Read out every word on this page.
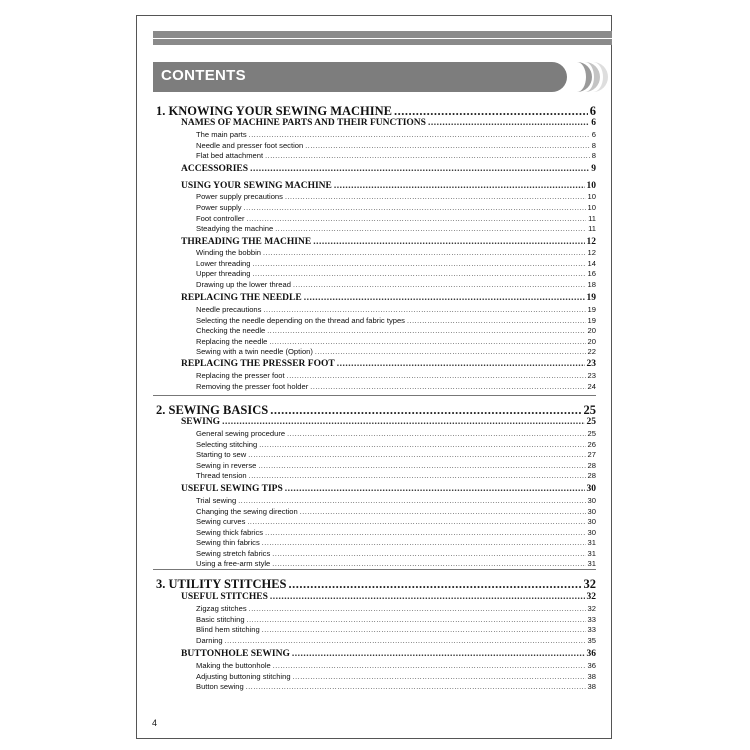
CONTENTS
1. KNOWING YOUR SEWING MACHINE .....	6
NAMES OF MACHINE PARTS AND THEIR FUNCTIONS .....	6
The main parts .....	6
Needle and presser foot section .....	8
Flat bed attachment .....	8
ACCESSORIES .....	9
USING YOUR SEWING MACHINE .....	10
Power supply precautions .....	10
Power supply .....	10
Foot controller .....	11
Steadying the machine .....	11
THREADING THE MACHINE .....	12
Winding the bobbin .....	12
Lower threading .....	14
Upper threading .....	16
Drawing up the lower thread .....	18
REPLACING THE NEEDLE .....	19
Needle precautions .....	19
Selecting the needle depending on the thread and fabric types .....	19
Checking the needle .....	20
Replacing the needle .....	20
Sewing with a twin needle (Option) .....	22
REPLACING THE PRESSER FOOT .....	23
Replacing the presser foot .....	23
Removing the presser foot holder .....	24
2. SEWING BASICS .....	25
SEWING .....	25
General sewing procedure .....	25
Selecting stitching .....	26
Starting to sew .....	27
Sewing in reverse .....	28
Thread tension .....	28
USEFUL SEWING TIPS .....	30
Trial sewing .....	30
Changing the sewing direction .....	30
Sewing curves .....	30
Sewing thick fabrics .....	30
Sewing thin fabrics .....	31
Sewing stretch fabrics .....	31
Using a free-arm style .....	31
3. UTILITY STITCHES .....	32
USEFUL STITCHES .....	32
Zigzag stitches .....	32
Basic stitching .....	33
Blind hem stitching .....	33
Darning .....	35
BUTTONHOLE SEWING .....	36
Making the buttonhole .....	36
Adjusting buttoning stitching .....	38
Button sewing .....	38
4
